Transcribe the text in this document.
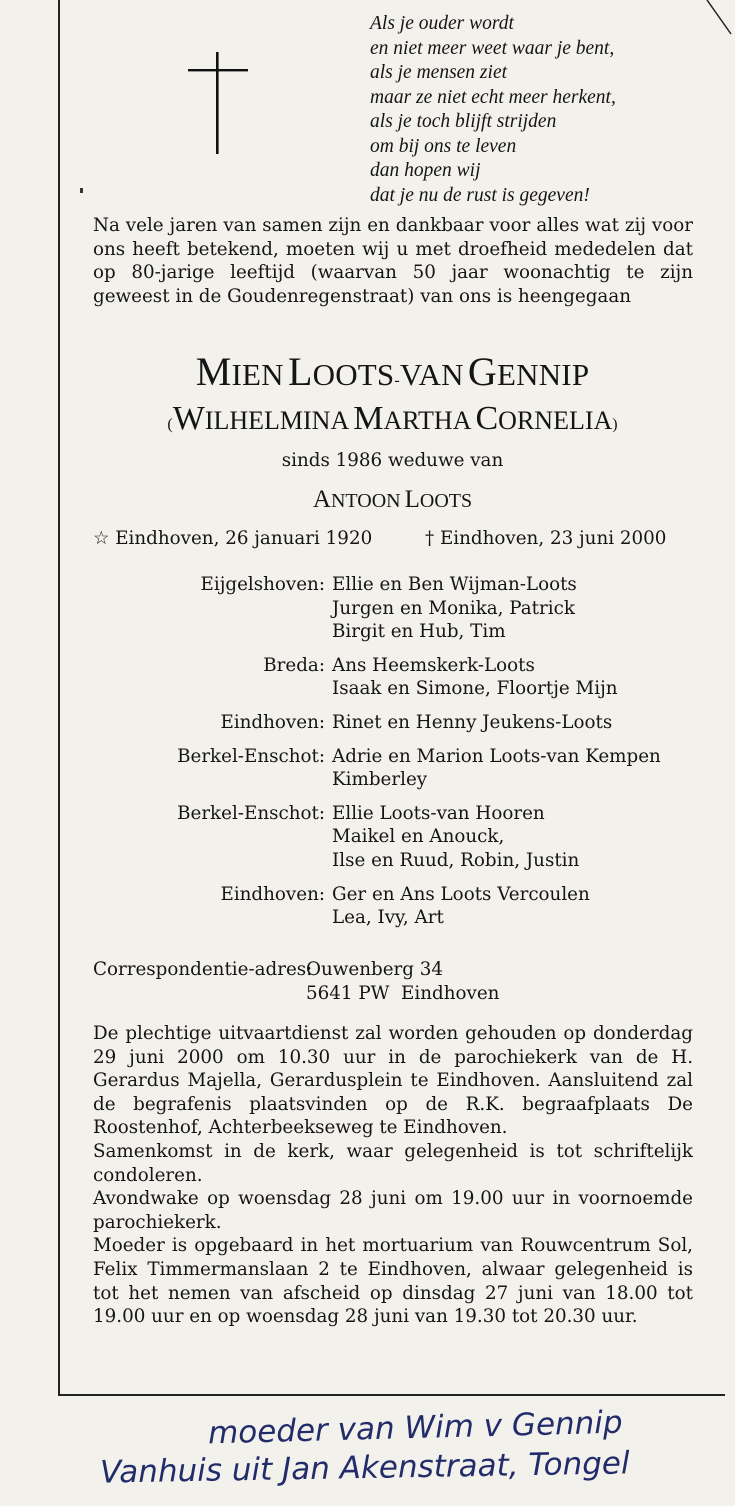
Als je ouder wordt
en niet meer weet waar je bent,
als je mensen ziet
maar ze niet echt meer herkent,
als je toch blijft strijden
om bij ons te leven
dan hopen wij
dat je nu de rust is gegeven!

Na vele jaren van samen zijn en dankbaar voor alles wat zij voor ons heeft betekend, moeten wij u met droefheid mededelen dat op 80-jarige leeftijd (waarvan 50 jaar woonachtig te zijn geweest in de Goudenregenstraat) van ons is heengegaan

MIEN LOOTS-VAN GENNIP
(WILHELMINA MARTHA CORNELIA)
sinds 1986 weduwe van
ANTOON LOOTS
☆ Eindhoven, 26 januari 1920	† Eindhoven, 23 juni 2000
Eijgelshoven: Ellie en Ben Wijman-Loots
Jurgen en Monika, Patrick
Birgit en Hub, Tim
Breda: Ans Heemskerk-Loots
Isaak en Simone, Floortje Mijn
Eindhoven: Rinet en Henny Jeukens-Loots
Berkel-Enschot: Adrie en Marion Loots-van Kempen
Kimberley
Berkel-Enschot: Ellie Loots-van Hooren
Maikel en Anouck,
Ilse en Ruud, Robin, Justin
Eindhoven: Ger en Ans Loots Vercoulen
Lea, Ivy, Art
Correspondentie-adres:
Ouwenberg 34
5641 PW  Eindhoven
De plechtige uitvaartdienst zal worden gehouden op donderdag 29 juni 2000 om 10.30 uur in de parochiekerk van de H. Gerardus Majella, Gerardusplein te Eindhoven. Aansluitend zal de begrafenis plaatsvinden op de R.K. begraafplaats De Roostenhof, Achterbeekseweg te Eindhoven.
Samenkomst in de kerk, waar gelegenheid is tot schriftelijk condoleren.
Avondwake op woensdag 28 juni om 19.00 uur in voornoemde parochiekerk.
Moeder is opgebaard in het mortuarium van Rouwcentrum Sol, Felix Timmermanslaan 2 te Eindhoven, alwaar gelegenheid is tot het nemen van afscheid op dinsdag 27 juni van 18.00 tot 19.00 uur en op woensdag 28 juni van 19.30 tot 20.30 uur.
moeder van Wim v Gennip
Vanhuis uit Jan Akenstraat, Tongel
